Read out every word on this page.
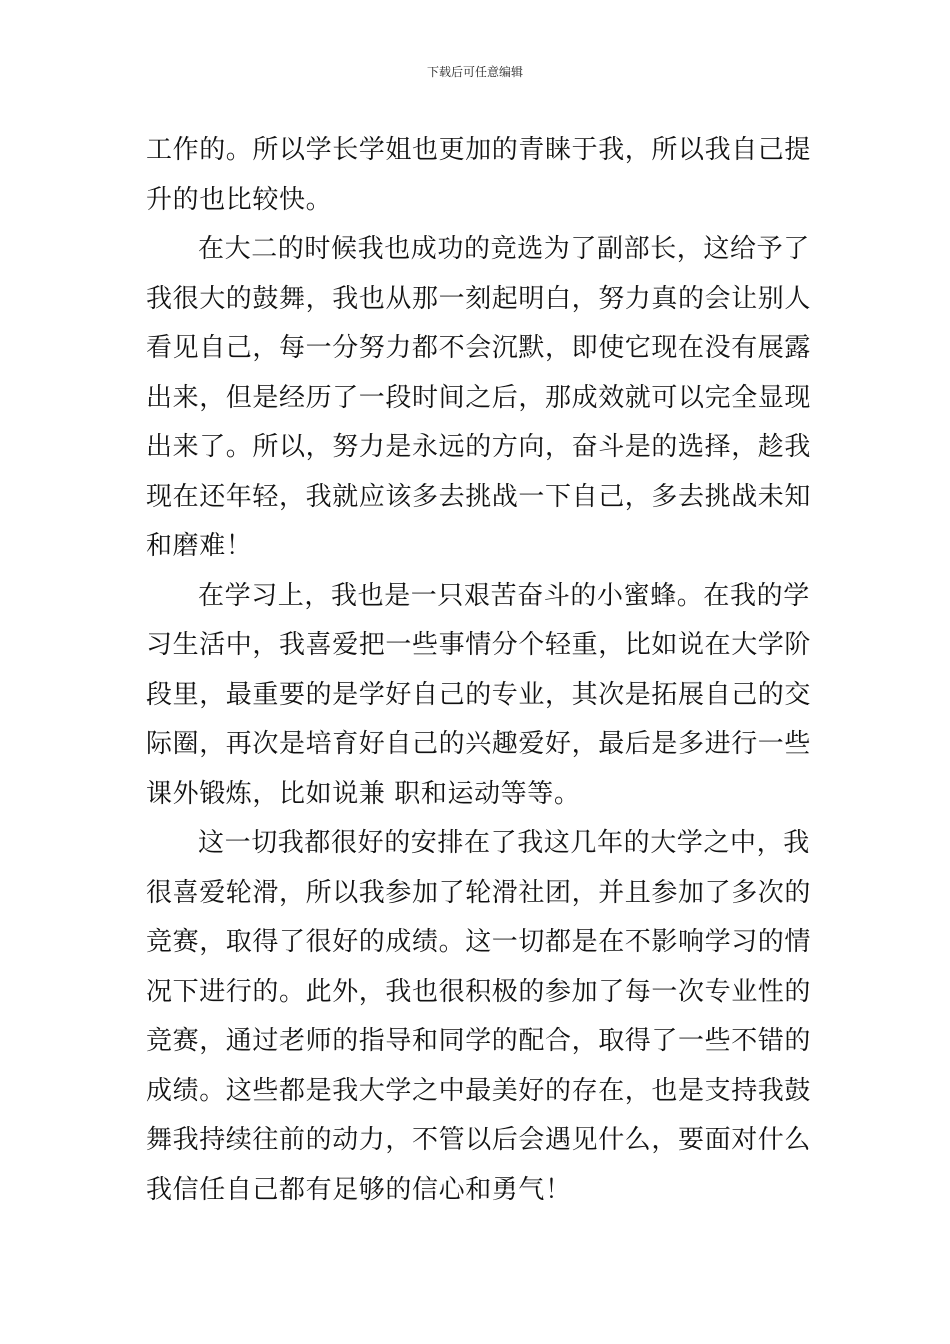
下载后可任意编辑
工作的。所以学长学姐也更加的青睐于我，所以我自己提
升的也比较快。
在大二的时候我也成功的竞选为了副部长，这给予了
我很大的鼓舞，我也从那一刻起明白，努力真的会让别人
看见自己，每一分努力都不会沉默，即使它现在没有展露
出来，但是经历了一段时间之后，那成效就可以完全显现
出来了。所以，努力是永远的方向，奋斗是的选择，趁我
现在还年轻，我就应该多去挑战一下自己，多去挑战未知
和磨难！
在学习上，我也是一只艰苦奋斗的小蜜蜂。在我的学
习生活中，我喜爱把一些事情分个轻重，比如说在大学阶
段里，最重要的是学好自己的专业，其次是拓展自己的交
际圈，再次是培育好自己的兴趣爱好，最后是多进行一些
课外锻炼，比如说兼 职和运动等等。
这一切我都很好的安排在了我这几年的大学之中，我
很喜爱轮滑，所以我参加了轮滑社团，并且参加了多次的
竞赛，取得了很好的成绩。这一切都是在不影响学习的情
况下进行的。此外，我也很积极的参加了每一次专业性的
竞赛，通过老师的指导和同学的配合，取得了一些不错的
成绩。这些都是我大学之中最美好的存在，也是支持我鼓
舞我持续往前的动力，不管以后会遇见什么，要面对什么
我信任自己都有足够的信心和勇气！
